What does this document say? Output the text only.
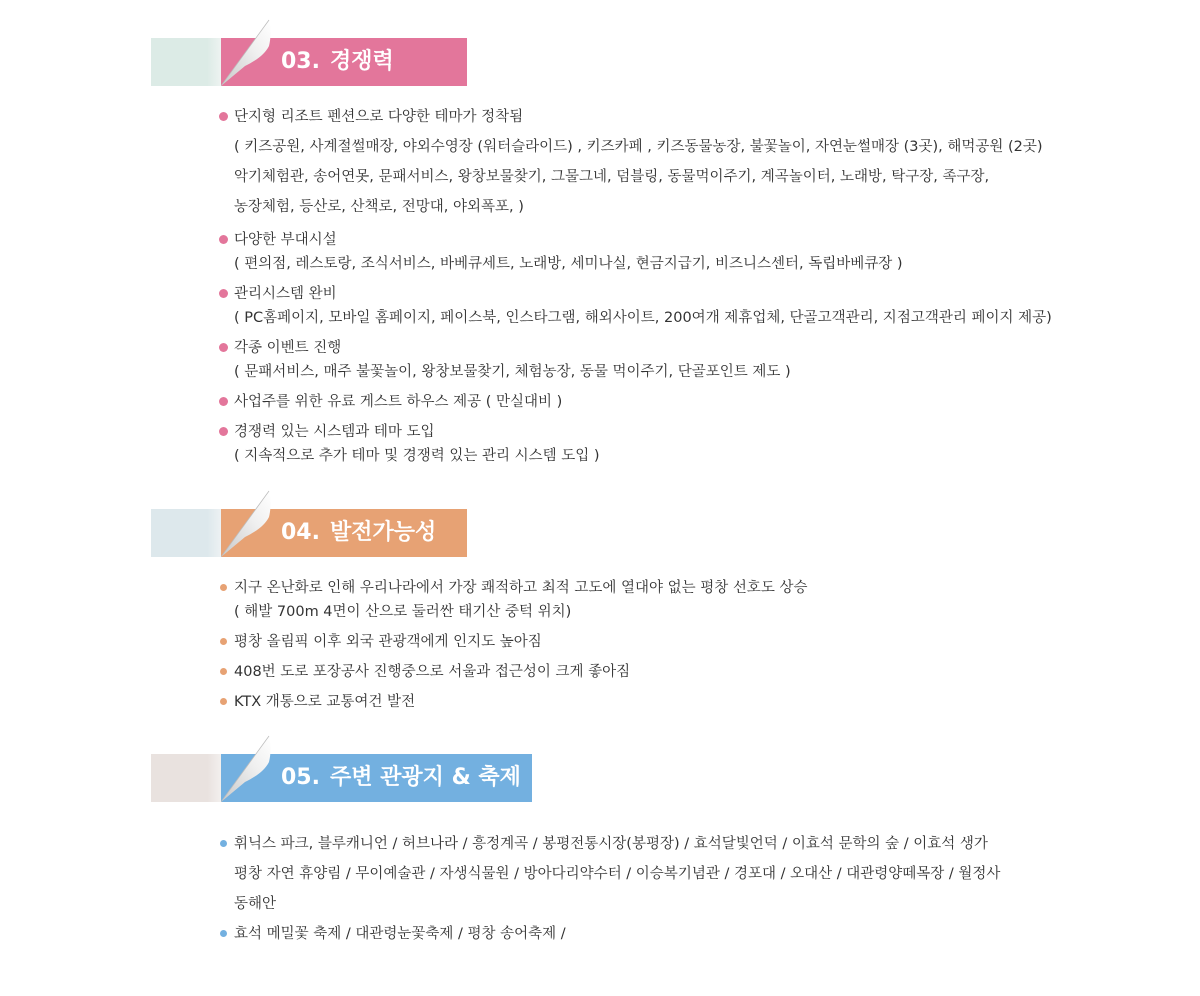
03. 경쟁력
단지형 리조트 펜션으로 다양한 테마가 정착됨
( 키즈공원, 사계절썰매장, 야외수영장 (워터슬라이드) , 키즈카페 , 키즈동물농장, 불꽃놀이, 자연눈썰매장 (3곳), 해먹공원 (2곳)
악기체험관, 송어연못, 문패서비스, 왕창보물찾기, 그물그네, 덤블링, 동물먹이주기, 계곡놀이터, 노래방, 탁구장, 족구장,
농장체험, 등산로, 산책로, 전망대, 야외폭포, )
다양한 부대시설
( 편의점, 레스토랑, 조식서비스, 바베큐세트, 노래방, 세미나실, 현금지급기, 비즈니스센터, 독립바베큐장 )
관리시스템 완비
( PC홈페이지, 모바일 홈페이지, 페이스북, 인스타그램, 해외사이트, 200여개 제휴업체, 단골고객관리, 지점고객관리 페이지 제공)
각종 이벤트 진행
( 문패서비스, 매주 불꽃놀이, 왕창보물찾기, 체험농장, 동물 먹이주기, 단골포인트 제도 )
사업주를 위한 유료 게스트 하우스 제공 ( 만실대비 )
경쟁력 있는 시스템과 테마 도입
( 지속적으로 추가 테마 및 경쟁력 있는 관리 시스템 도입 )
04. 발전가능성
지구 온난화로 인해 우리나라에서 가장 쾌적하고 최적 고도에 열대야 없는 평창 선호도 상승
( 해발 700m 4면이 산으로 둘러싼 태기산 중턱 위치)
평창 올림픽 이후 외국 관광객에게 인지도 높아짐
408번 도로 포장공사 진행중으로 서울과 접근성이 크게 좋아짐
KTX 개통으로 교통여건 발전
05. 주변 관광지 & 축제
휘닉스 파크, 블루캐니언 / 허브나라 / 흥정계곡 / 봉평전통시장(봉평장) / 효석달빛언덕 / 이효석 문학의 숲 / 이효석 생가
평창 자연 휴양림 / 무이예술관 / 자생식물원 / 방아다리약수터 / 이승복기념관 / 경포대 / 오대산 / 대관령양떼목장 / 월정사
동해안
효석 메밀꽃 축제 / 대관령눈꽃축제 / 평창 송어축제 /
